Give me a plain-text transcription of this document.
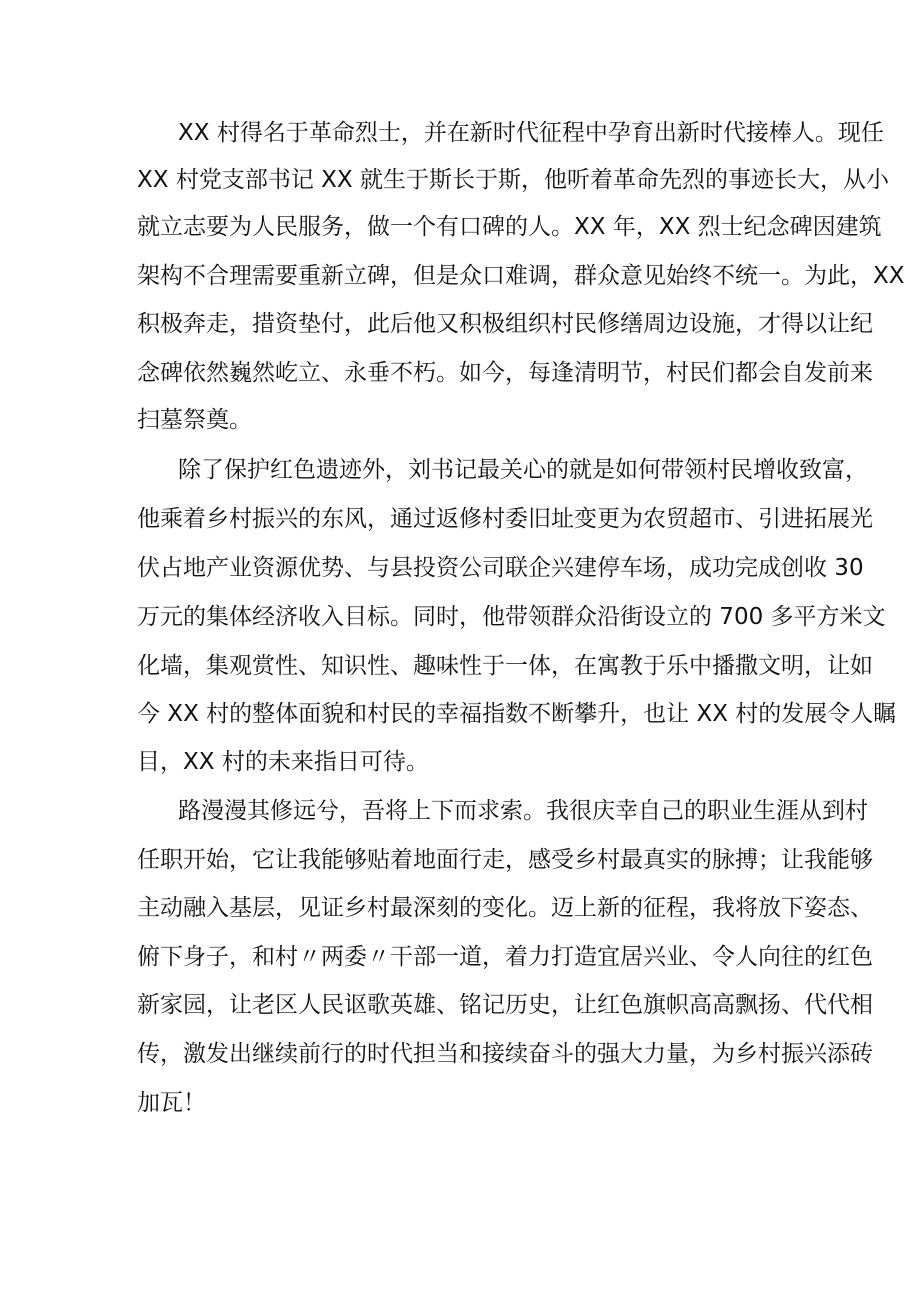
XX 村得名于革命烈士，并在新时代征程中孕育出新时代接棒人。现任
XX 村党支部书记 XX 就生于斯长于斯，他听着革命先烈的事迹长大，从小
就立志要为人民服务，做一个有口碑的人。XX 年，XX 烈士纪念碑因建筑
架构不合理需要重新立碑，但是众口难调，群众意见始终不统一。为此，XX
积极奔走，措资垫付，此后他又积极组织村民修缮周边设施，才得以让纪
念碑依然巍然屹立、永垂不朽。如今，每逢清明节，村民们都会自发前来
扫墓祭奠。
除了保护红色遗迹外，刘书记最关心的就是如何带领村民增收致富，
他乘着乡村振兴的东风，通过返修村委旧址变更为农贸超市、引进拓展光
伏占地产业资源优势、与县投资公司联企兴建停车场，成功完成创收 30
万元的集体经济收入目标。同时，他带领群众沿街设立的 700 多平方米文
化墙，集观赏性、知识性、趣味性于一体，在寓教于乐中播撒文明，让如
今 XX 村的整体面貌和村民的幸福指数不断攀升，也让 XX 村的发展令人瞩
目，XX 村的未来指日可待。
路漫漫其修远兮，吾将上下而求索。我很庆幸自己的职业生涯从到村
任职开始，它让我能够贴着地面行走，感受乡村最真实的脉搏；让我能够
主动融入基层，见证乡村最深刻的变化。迈上新的征程，我将放下姿态、
俯下身子，和村〃两委〃干部一道，着力打造宜居兴业、令人向往的红色
新家园，让老区人民讴歌英雄、铭记历史，让红色旗帜高高飘扬、代代相
传，激发出继续前行的时代担当和接续奋斗的强大力量，为乡村振兴添砖
加瓦！
